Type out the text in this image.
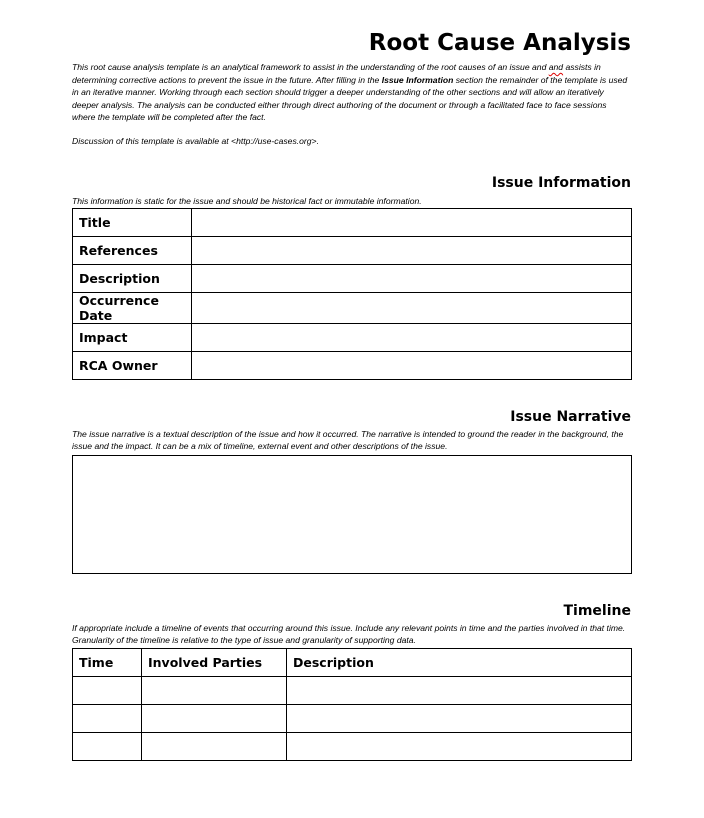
Root Cause Analysis
This root cause analysis template is an analytical framework to assist in the understanding of the root causes of an issue and and assists in determining corrective actions to prevent the issue in the future. After filling in the Issue Information section the remainder of the template is used in an iterative manner. Working through each section should trigger a deeper understanding of the other sections and will allow an iteratively deeper analysis. The analysis can be conducted either through direct authoring of the document or through a facilitated face to face sessions where the template will be completed after the fact.
Discussion of this template is available at <http://use-cases.org>.
Issue Information
This information is static for the issue and should be historical fact or immutable information.
Title	
References	
Description	
Occurrence Date	
Impact	
RCA Owner	
Issue Narrative
The issue narrative is a textual description of the issue and how it occurred. The narrative is intended to ground the reader in the background, the issue and the impact. It can be a mix of timeline, external event and other descriptions of the issue.
Timeline
If appropriate include a timeline of events that occurring around this issue. Include any relevant points in time and the parties involved in that time. Granularity of the timeline is relative to the type of issue and granularity of supporting data.
Time	Involved Parties	Description
